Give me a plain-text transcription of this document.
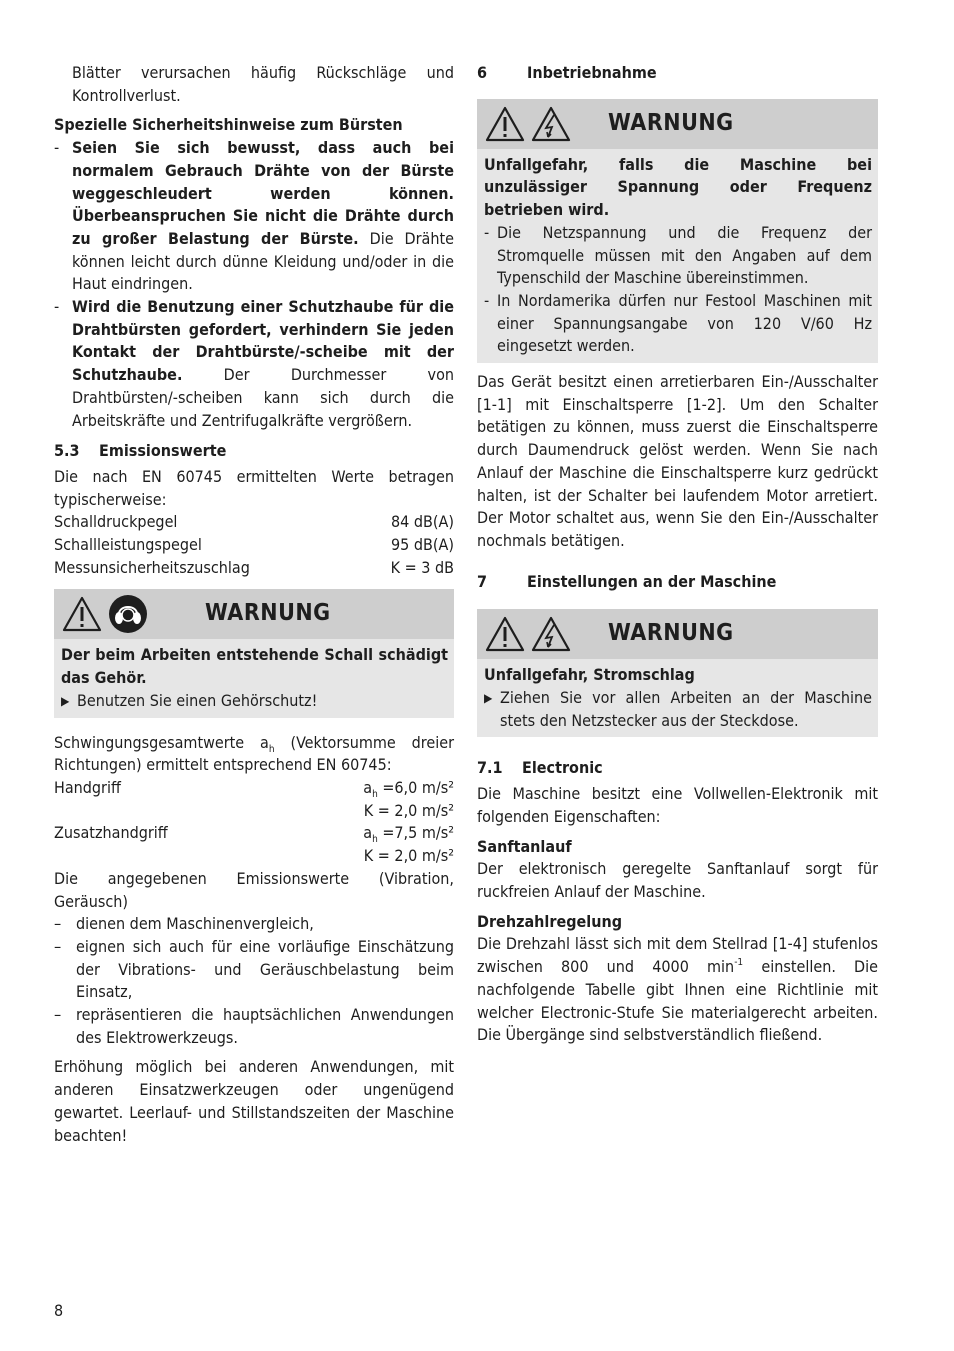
Blätter verursachen häufig Rückschläge und Kontrollverlust.

Spezielle Sicherheitshinweise zum Bürsten

- Seien Sie sich bewusst, dass auch bei normalem Gebrauch Drähte von der Bürste weggeschleudert werden können. Überbeanspruchen Sie nicht die Drähte durch zu großer Belastung der Bürste. Die Drähte können leicht durch dünne Kleidung und/oder in die Haut eindringen.
- Wird die Benutzung einer Schutzhaube für die Drahtbürsten gefordert, verhindern Sie jeden Kontakt der Drahtbürste/-scheibe mit der Schutzhaube. Der Durchmesser von Drahtbürsten/-scheiben kann sich durch die Arbeitskräfte und Zentrifugalkräfte vergrößern.
5.3	Emissionswerte

Die nach EN 60745 ermittelten Werte betragen typischerweise:

Schalldruckpegel	84 dB(A)
Schallleistungspegel	95 dB(A)
Messunsicherheitszuschlag	K = 3 dB
WARNUNG

Der beim Arbeiten entstehende Schall schädigt das Gehör.

▶ Benutzen Sie einen Gehörschutz!

Schwingungsgesamtwerte $a_h$ (Vektorsumme dreier Richtungen) ermittelt entsprechend EN 60745:

Handgriff	$a_h =6,0$ m/s²
K = 2,0 m/s²
Zusatzhandgriff	$a_h =7,5$ m/s²
K = 2,0 m/s²

Die angegebenen Emissionswerte (Vibration, Geräusch)

– dienen dem Maschinenvergleich,
– eignen sich auch für eine vorläufige Einschätzung der Vibrations- und Geräuschbelastung beim Einsatz,
– repräsentieren die hauptsächlichen Anwendungen des Elektrowerkzeugs.

Erhöhung möglich bei anderen Anwendungen, mit anderen Einsatzwerkzeugen oder ungenügend gewartet. Leerlauf- und Stillstandszeiten der Maschine beachten!

6	Inbetriebnahme
WARNUNG

Unfallgefahr, falls die Maschine bei unzulässiger Spannung oder Frequenz betrieben wird.

- Die Netzspannung und die Frequenz der Stromquelle müssen mit den Angaben auf dem Typenschild der Maschine übereinstimmen.
- In Nordamerika dürfen nur Festool Maschinen mit einer Spannungsangabe von 120 V/60 Hz eingesetzt werden.

Das Gerät besitzt einen arretierbaren Ein-/Ausschalter [1-1] mit Einschaltsperre [1-2]. Um den Schalter betätigen zu können, muss zuerst die Einschaltsperre durch Daumendruck gelöst werden. Wenn Sie nach Anlauf der Maschine die Einschaltsperre kurz gedrückt halten, ist der Schalter bei laufendem Motor arretiert. Der Motor schaltet aus, wenn Sie den Ein-/Ausschalter nochmals betätigen.

7	Einstellungen an der Maschine
WARNUNG

Unfallgefahr, Stromschlag

▶ Ziehen Sie vor allen Arbeiten an der Maschine stets den Netzstecker aus der Steckdose.

7.1	Electronic

Die Maschine besitzt eine Vollwellen-Elektronik mit folgenden Eigenschaften:

Sanftanlauf

Der elektronisch geregelte Sanftanlauf sorgt für ruckfreien Anlauf der Maschine.

Drehzahlregelung

Die Drehzahl lässt sich mit dem Stellrad [1-4] stufenlos zwischen 800 und 4000 $\min^{-1}$ einstellen. Die nachfolgende Tabelle gibt Ihnen eine Richtlinie mit welcher Electronic-Stufe Sie materialgerecht arbeiten. Die Übergänge sind selbstverständlich fließend.

8
